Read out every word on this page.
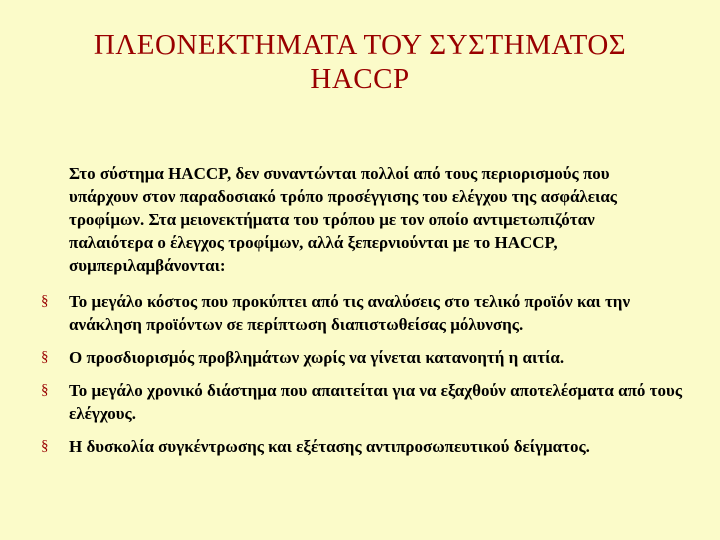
ΠΛΕΟΝΕΚΤΗΜΑΤΑ ΤΟΥ ΣΥΣΤΗΜΑΤΟΣ
HACCP

Στο σύστημα HACCP, δεν συναντώνται πολλοί από τους περιορισμούς που υπάρχουν στον παραδοσιακό τρόπο προσέγγισης του ελέγχου της ασφάλειας τροφίμων. Στα μειονεκτήματα του τρόπου με τον οποίο αντιμετωπιζόταν παλαιότερα ο έλεγχος τροφίμων, αλλά ξεπερνιούνται με το HACCP, συμπεριλαμβάνονται:

§ Το μεγάλο κόστος που προκύπτει από τις αναλύσεις στο τελικό προϊόν και την ανάκληση προϊόντων σε περίπτωση διαπιστωθείσας μόλυνσης.
§ Ο προσδιορισμός προβλημάτων χωρίς να γίνεται κατανοητή η αιτία.
§ Το μεγάλο χρονικό διάστημα που απαιτείται για να εξαχθούν αποτελέσματα από τους ελέγχους.
§ Η δυσκολία συγκέντρωσης και εξέτασης αντιπροσωπευτικού δείγματος.
